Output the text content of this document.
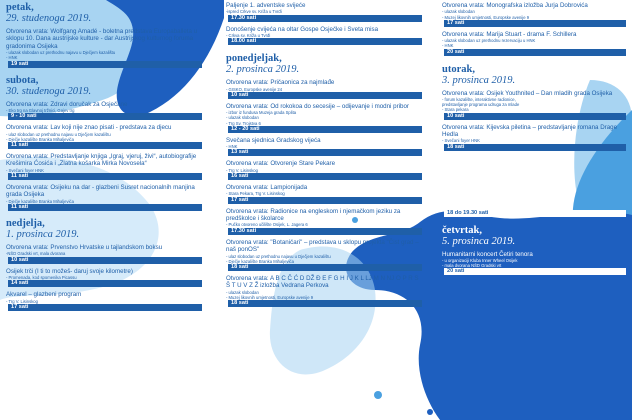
petak,
29. studenoga 2019.
Otvorena vrata: Wolfgang Amadé - boletna predstava Europaballeta u sklopu 10. Dana austrijske kulture - dar Austrijskog kulturnog foruma gradonima Osijeka
- ulazak slobodan uz prethodnu najavu u Dječjem kazalištu
- HNK
19 sati
subota,
30. studenoga 2019.
Otvorena vrata: Zdravi doručak za Osječane
- Eko trg na Glavnoj tržnici, Gajev trg
9 - 10 sati
Otvorena vrata: Lav koji nije znao pisati - predstava za djecu
- ulaz slobodan uz prethodnu najavu u Dječjem kazalištu
- Dječje kazalište Branka Mihaljevića
11 sati
Otvorena vrata: Predstavljanje knjiga „Igraj, vjeruj, živi“, autobiografije Krešimira Ćosića i „Zlatna košarka Mirka Novosela“
- Svečani foyer HNK
11 sati
Otvorena vrata: Osijeku na dar - glazbeni Susret nacionalnih manjina grada Osijeka
- Dječje kazalište Branka Mihaljevića
11 sati
nedjelja,
1. prosinca 2019.
Otvorena vrata: Prvenstvo Hrvatske u tajlandskom boksu
-NŠD Gradski vrt, mala dvorana
10 sati
Osijek trči (I ti to možeš- daruj svoje kilometre)
- Promenada, kod spomenika Picassu
14 sati
Akvarel – glazbeni program
- Trg V. Lisinskog
17 sati
Paljenje 1. adventske svijeće
-ispred Crkve sv. Križa u Tvrđi
17.30 sati
Donošenje cvijeća na oltar Gospe Osječke i Sveta misa
- Crkva sv. Križa u Tvrđi
18.00 sati
ponedjeljak,
2. prosinca 2019.
Otvorena vrata: Pričaonica za najmlađe
- GISKO, Europske avenije 24
10 sati
Otvorena vrata: Od rokokoa do secesije – odijevanje i modni pribor
- izbor iz fundusa Muzeja grada Splita
- ulazak slobodan
- Trg Sv. Trojstva 6
12 - 20 sati
Svečana sjednica Gradskog vijeća
- HNK
13 sati
Otvorena vrata: Otvorenje Stare Pekare
- Trg V. Lisinskog
16 sati
Otvorena vrata: Lampionijada
- Stara Pekara, Trg V. Lisinskog
17 sati
Otvorena vrata: Radionice na engleskom i njemačkom jeziku za predškolce i školarce
- Pučko otvoreno učilište Osijek, L. Jagera 6
17.30 sati
Otvorena vrata: "Botaničari" – predstava u sklopu projekta "Čist grad – naš ponOS"
- ulaz slobodan uz prethodnu najavu u Dječjem kazalištu
- Dječje kazalište Branka Mihaljevića
18 sati
Otvorena vrata: A B C Č Ć D DŽ Đ E F G H I J K L LJ M N NJ O P R S Š T U V Z Ž izložba Vedrana Perkova
- ulazak slobodan
- Muzej likovnih umjetnosti, Europske avenije 9
18 sati
Otvorena vrata: Monografska izložba Jurja Dobrovića
- ulazak slobodan
- Muzej likovnih umjetnosti, Europske avenije 9
17 sati
Otvorena vrata: Marija Stuart - drama F. Schillera
- ulazak slobodan uz prethodnu rezervaciju u HNK
- HNK
20 sati
utorak,
3. prosinca 2019.
Otvorena vrata: Osijek Youthnited – Dan mladih grada Osijeka
- forum kazalište, interaktivne radionice,
predstavljanje programa udruga za mlade
- Stara pekara
10 sati
Otvorena vrata: Kijevska piletina – predstavljanje romana Drage Hedla
- Svečani foyer HNK
18 sati
srijeda,
4. prosinca 2019.
Otvorena vrata: Kolaž - radionica za najmlađe
- ulazak slobodan
- Muzej likovnih umjetnosti,
Europske avenije 9
18 do 19.30 sati
četvrtak,
5. prosinca 2019.
Humanitarni koncert Četiri tenora
- u organizaciji Kluba Inner Wheel Osijek
- mala dvorana NŠD Gradski vrt
20 sati
